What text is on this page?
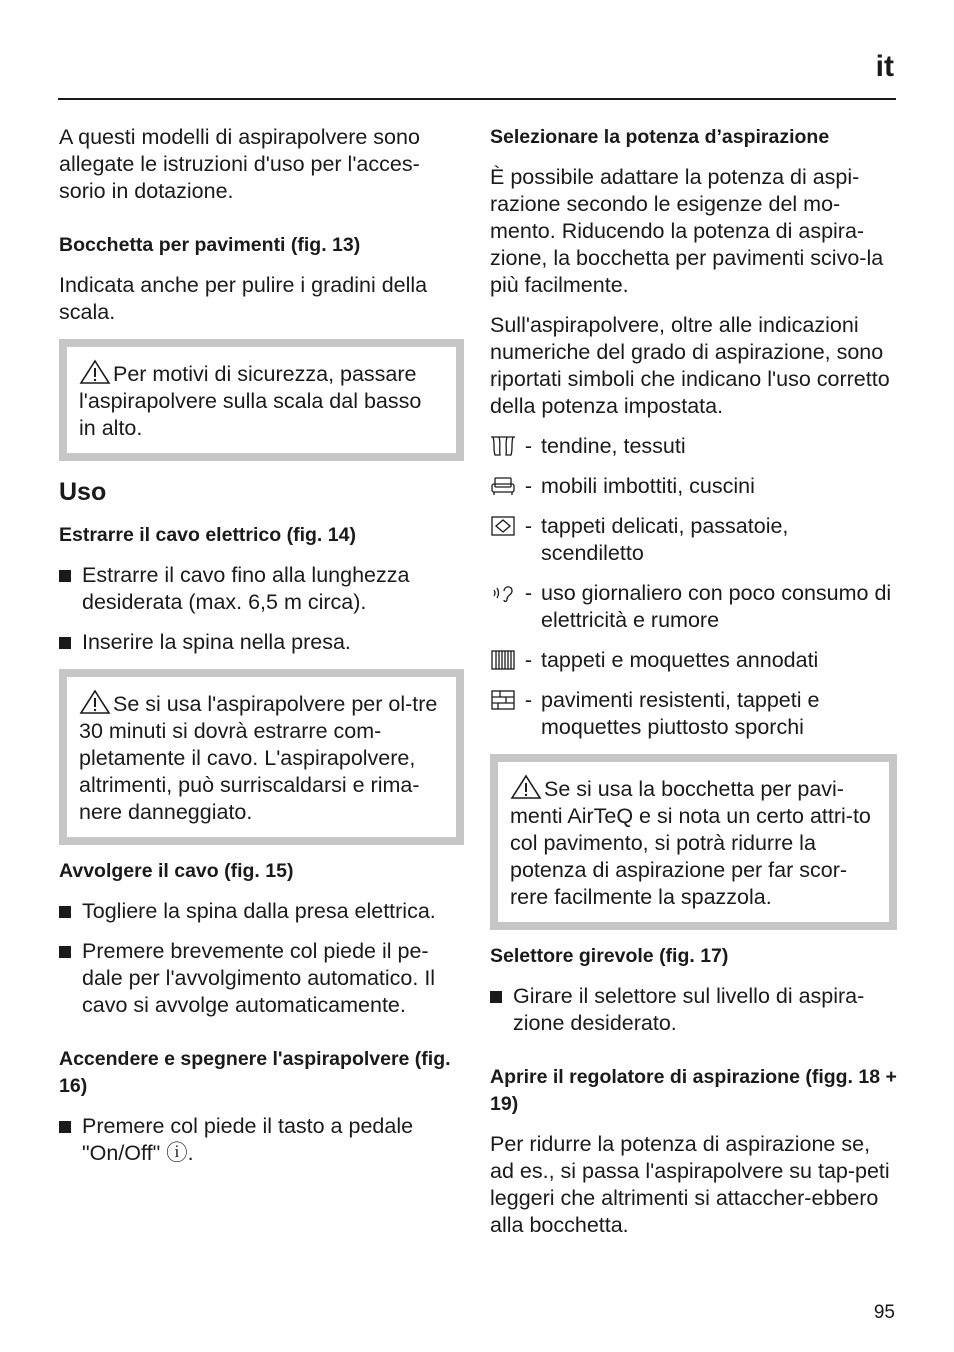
it

A questi modelli di aspirapolvere sono allegate le istruzioni d'uso per l'acces-sorio in dotazione.

Bocchetta per pavimenti (fig. 13)

Indicata anche per pulire i gradini della scala.

Per motivi di sicurezza, passare l'aspirapolvere sulla scala dal basso in alto.
Uso
Estrarre il cavo elettrico (fig. 14)
Estrarre il cavo fino alla lunghezza desiderata (max. 6,5 m circa).
Inserire la spina nella presa.
Se si usa l'aspirapolvere per ol-tre 30 minuti si dovrà estrarre com-pletamente il cavo. L'aspirapolvere, altrimenti, può surriscaldarsi e rima-nere danneggiato.
Avvolgere il cavo (fig. 15)
Togliere la spina dalla presa elettrica.
Premere brevemente col piede il pe-dale per l'avvolgimento automatico. Il cavo si avvolge automaticamente.
Accendere e spegnere l'aspirapolvere (fig. 16)
Premere col piede il tasto a pedale "On/Off" ⓘ.
Selezionare la potenza d’aspirazione

È possibile adattare la potenza di aspi-razione secondo le esigenze del mo-mento. Riducendo la potenza di aspira-zione, la bocchetta per pavimenti scivo-la più facilmente.

Sull'aspirapolvere, oltre alle indicazioni numeriche del grado di aspirazione, sono riportati simboli che indicano l'uso corretto della potenza impostata.

- tendine, tessuti
- mobili imbottiti, cuscini
- tappeti delicati, passatoie, scendiletto
- uso giornaliero con poco consumo di elettricità e rumore
- tappeti e moquettes annodati
- pavimenti resistenti, tappeti e moquettes piuttosto sporchi
Se si usa la bocchetta per pavi-menti AirTeQ e si nota un certo attri-to col pavimento, si potrà ridurre la potenza di aspirazione per far scor-rere facilmente la spazzola.
Selettore girevole (fig. 17)
Girare il selettore sul livello di aspira-zione desiderato.
Aprire il regolatore di aspirazione (figg. 18 + 19)

Per ridurre la potenza di aspirazione se, ad es., si passa l'aspirapolvere su tap-peti leggeri che altrimenti si attaccher-ebbero alla bocchetta.

95
